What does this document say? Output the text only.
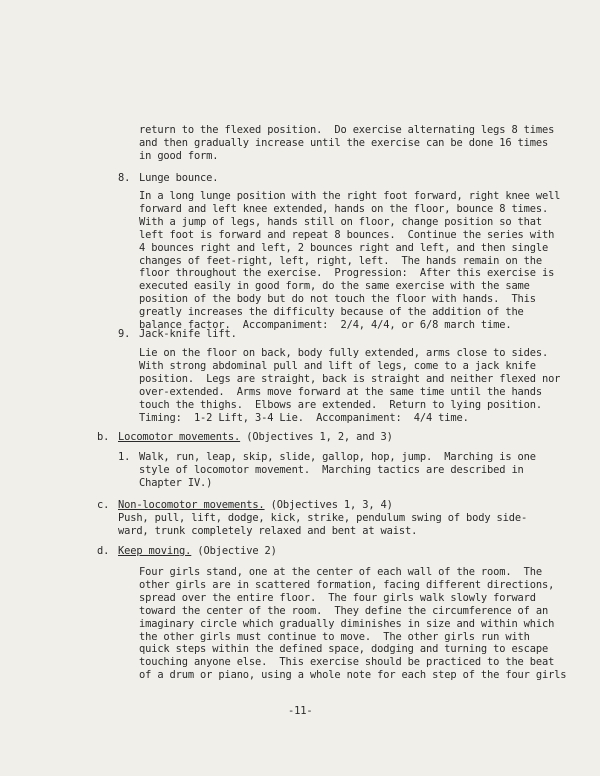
return to the flexed position.  Do exercise alternating legs 8 times
and then gradually increase until the exercise can be done 16 times
in good form.
8. Lunge bounce.
In a long lunge position with the right foot forward, right knee well
forward and left knee extended, hands on the floor, bounce 8 times.
With a jump of legs, hands still on floor, change position so that
left foot is forward and repeat 8 bounces.  Continue the series with
4 bounces right and left, 2 bounces right and left, and then single
changes of feet-right, left, right, left.  The hands remain on the
floor throughout the exercise.  Progression:  After this exercise is
executed easily in good form, do the same exercise with the same
position of the body but do not touch the floor with hands.  This
greatly increases the difficulty because of the addition of the
balance factor.  Accompaniment:  2/4, 4/4, or 6/8 march time.
9. Jack-knife lift.
Lie on the floor on back, body fully extended, arms close to sides.
With strong abdominal pull and lift of legs, come to a jack knife
position.  Legs are straight, back is straight and neither flexed nor
over-extended.  Arms move forward at the same time until the hands
touch the thighs.  Elbows are extended.  Return to lying position.
Timing:  1-2 Lift, 3-4 Lie.  Accompaniment:  4/4 time.
b. Locomotor movements. (Objectives 1, 2, and 3)
1. Walk, run, leap, skip, slide, gallop, hop, jump.  Marching is one
style of locomotor movement.  Marching tactics are described in
Chapter IV.)
c. Non-locomotor movements. (Objectives 1, 3, 4)
Push, pull, lift, dodge, kick, strike, pendulum swing of body side-
ward, trunk completely relaxed and bent at waist.
d. Keep moving. (Objective 2)
Four girls stand, one at the center of each wall of the room.  The
other girls are in scattered formation, facing different directions,
spread over the entire floor.  The four girls walk slowly forward
toward the center of the room.  They define the circumference of an
imaginary circle which gradually diminishes in size and within which
the other girls must continue to move.  The other girls run with
quick steps within the defined space, dodging and turning to escape
touching anyone else.  This exercise should be practiced to the beat
of a drum or piano, using a whole note for each step of the four girls
-11-
